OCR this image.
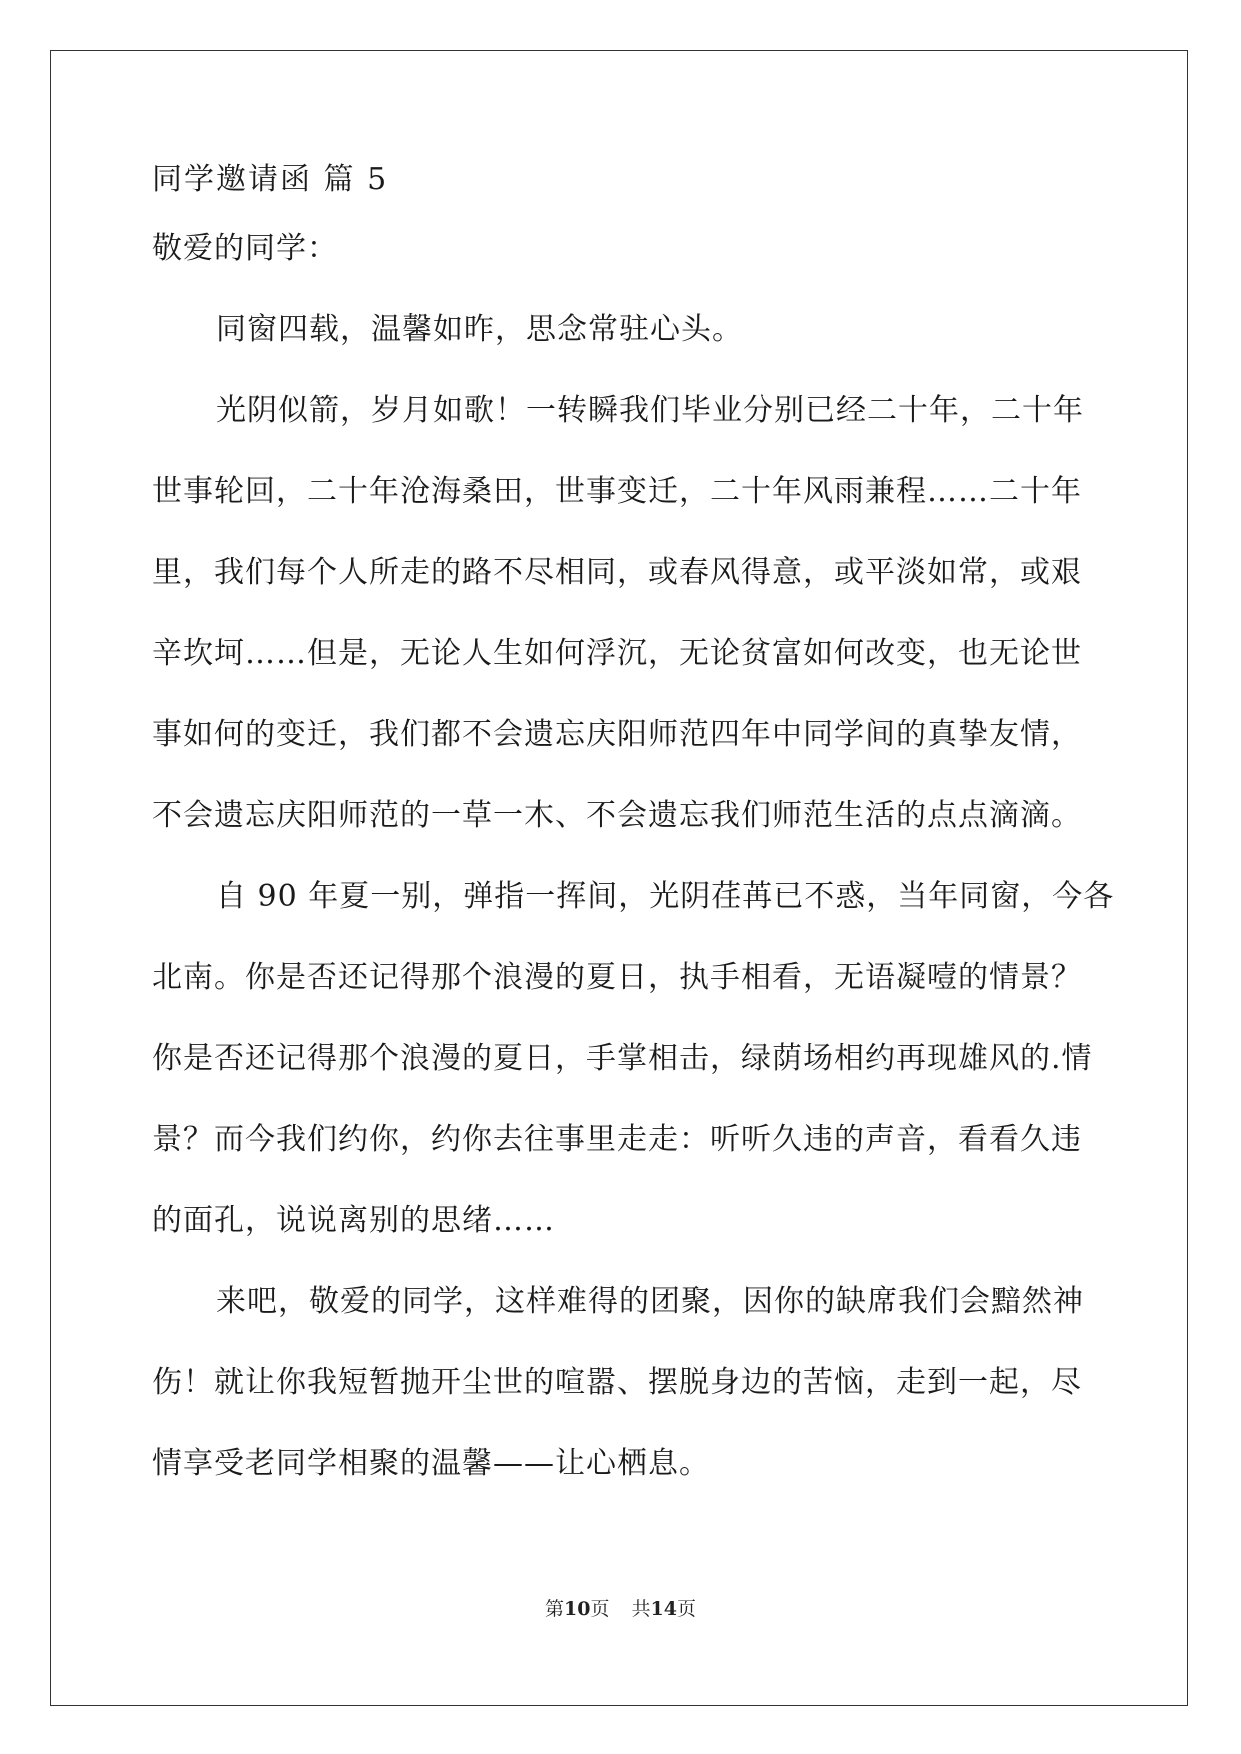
同学邀请函 篇 5

敬爱的同学：

同窗四载，温馨如昨，思念常驻心头。

光阴似箭，岁月如歌！一转瞬我们毕业分别已经二十年，二十年

世事轮回，二十年沧海桑田，世事变迁，二十年风雨兼程……二十年

里，我们每个人所走的路不尽相同，或春风得意，或平淡如常，或艰

辛坎坷……但是，无论人生如何浮沉，无论贫富如何改变，也无论世

事如何的变迁，我们都不会遗忘庆阳师范四年中同学间的真挚友情，

不会遗忘庆阳师范的一草一木、不会遗忘我们师范生活的点点滴滴。

自 90 年夏一别，弹指一挥间，光阴荏苒已不惑，当年同窗，今各

北南。你是否还记得那个浪漫的夏日，执手相看，无语凝噎的情景？

你是否还记得那个浪漫的夏日，手掌相击，绿荫场相约再现雄风的.情

景？而今我们约你，约你去往事里走走：听听久违的声音，看看久违

的面孔，说说离别的思绪……

来吧，敬爱的同学，这样难得的团聚，因你的缺席我们会黯然神

伤！就让你我短暂抛开尘世的喧嚣、摆脱身边的苦恼，走到一起，尽

情享受老同学相聚的温馨——让心栖息。

第10页 共14页
